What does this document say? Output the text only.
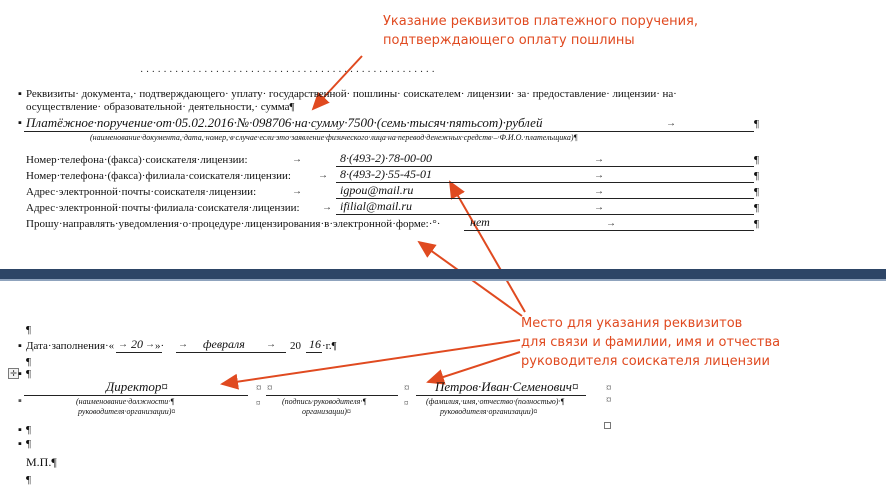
Указание реквизитов платежного поручения,
подтверждающего оплату пошлины
Место для указания реквизитов
для связи и фамилии, имя и отчества
руководителя соискателя лицензии
· · · · · · · · · · · · · · · · · · · · · · · · · · · · · · · · · · · · · · · · · · · · · · · · · · ·
▪ Реквизиты· документа,· подтверждающего· уплату· государственной· пошлины· соискателем· лицензии· за· предоставление· лицензии· на·
осуществление· образовательной· деятельности,· сумма¶
▪ Платёжное·поручение·от·05.02.2016·№·098706·на·сумму·7500·(семь·тысяч·пятьсот)·рублей	→	¶
(наименование·документа,·дата,·номер,·в·случае·если·это·заявление·физического·лица·на·перевод·денежных·средств·–·Ф.И.О.·плательщика)¶
Номер·телефона·(факса)·соискателя·лицензии:	→	8·(493-2)·78-00-00	→	¶
Номер·телефона·(факса)·филиала·соискателя·лицензии:	→ 8·(493-2)·55-45-01	→	¶
Адрес·электронной·почты·соискателя·лицензии:	→	igpou@mail.ru	→	¶
Адрес·электронной·почты·филиала·соискателя·лицензии: → ifilial@mail.ru	→	¶
Прошу·направлять·уведомления·о·процедуре·лицензирования·в·электронной·форме:·°· нет	→	¶
¶
▪ Дата·заполнения·« → 20 → »· → февраля → 20 16 ·г.¶
✛
¶
▪ ¶
Директор¤
(наименование·должности·¶
руководителя·организации)¤
▪
¤ ¤
¤	(подпись·руководителя·¶
организации)¤
¤
¤
Петров·Иван·Семенович¤
(фамилия,·имя,·отчество·(полностью)·¶
руководителя·организации)¤
¤
¤
▪ ¶
▪ ¶
М.П.¶
¶
